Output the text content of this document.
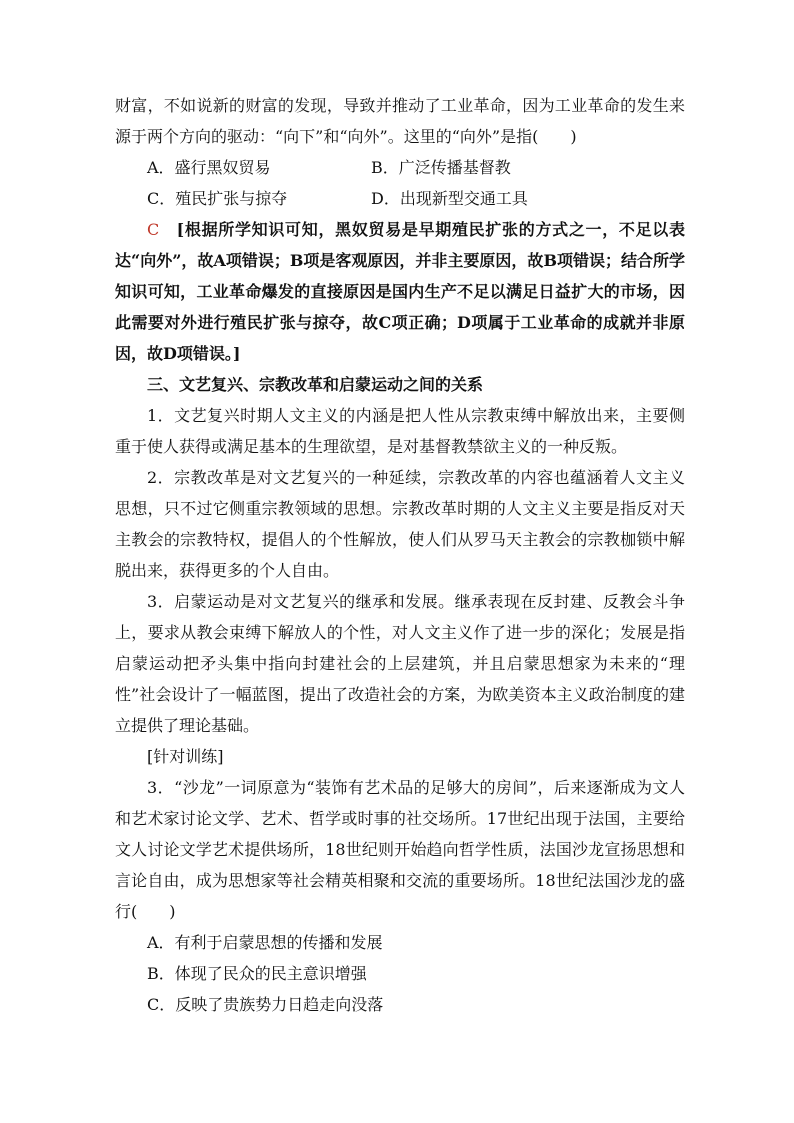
财富，不如说新的财富的发现，导致并推动了工业革命，因为工业革命的发生来源于两个方向的驱动：“向下”和“向外”。这里的“向外”是指(　　)

A．盛行黑奴贸易	B．广泛传播基督教
C．殖民扩张与掠夺	D．出现新型交通工具

C　 [根据所学知识可知，黑奴贸易是早期殖民扩张的方式之一，不足以表达“向外”，故A项错误；B项是客观原因，并非主要原因，故B项错误；结合所学知识可知，工业革命爆发的直接原因是国内生产不足以满足日益扩大的市场，因此需要对外进行殖民扩张与掠夺，故C项正确；D项属于工业革命的成就并非原因，故D项错误。]

三、文艺复兴、宗教改革和启蒙运动之间的关系

1．文艺复兴时期人文主义的内涵是把人性从宗教束缚中解放出来，主要侧重于使人获得或满足基本的生理欲望，是对基督教禁欲主义的一种反叛。

2．宗教改革是对文艺复兴的一种延续，宗教改革的内容也蕴涵着人文主义思想，只不过它侧重宗教领域的思想。宗教改革时期的人文主义主要是指反对天主教会的宗教特权，提倡人的个性解放，使人们从罗马天主教会的宗教枷锁中解脱出来，获得更多的个人自由。

3．启蒙运动是对文艺复兴的继承和发展。继承表现在反封建、反教会斗争上，要求从教会束缚下解放人的个性，对人文主义作了进一步的深化；发展是指启蒙运动把矛头集中指向封建社会的上层建筑，并且启蒙思想家为未来的“理性”社会设计了一幅蓝图，提出了改造社会的方案，为欧美资本主义政治制度的建立提供了理论基础。

[针对训练]

3．“沙龙”一词原意为“装饰有艺术品的足够大的房间”，后来逐渐成为文人和艺术家讨论文学、艺术、哲学或时事的社交场所。17世纪出现于法国，主要给文人讨论文学艺术提供场所，18世纪则开始趋向哲学性质，法国沙龙宣扬思想和言论自由，成为思想家等社会精英相聚和交流的重要场所。18世纪法国沙龙的盛行(　　)

A．有利于启蒙思想的传播和发展

B．体现了民众的民主意识增强

C．反映了贵族势力日趋走向没落
